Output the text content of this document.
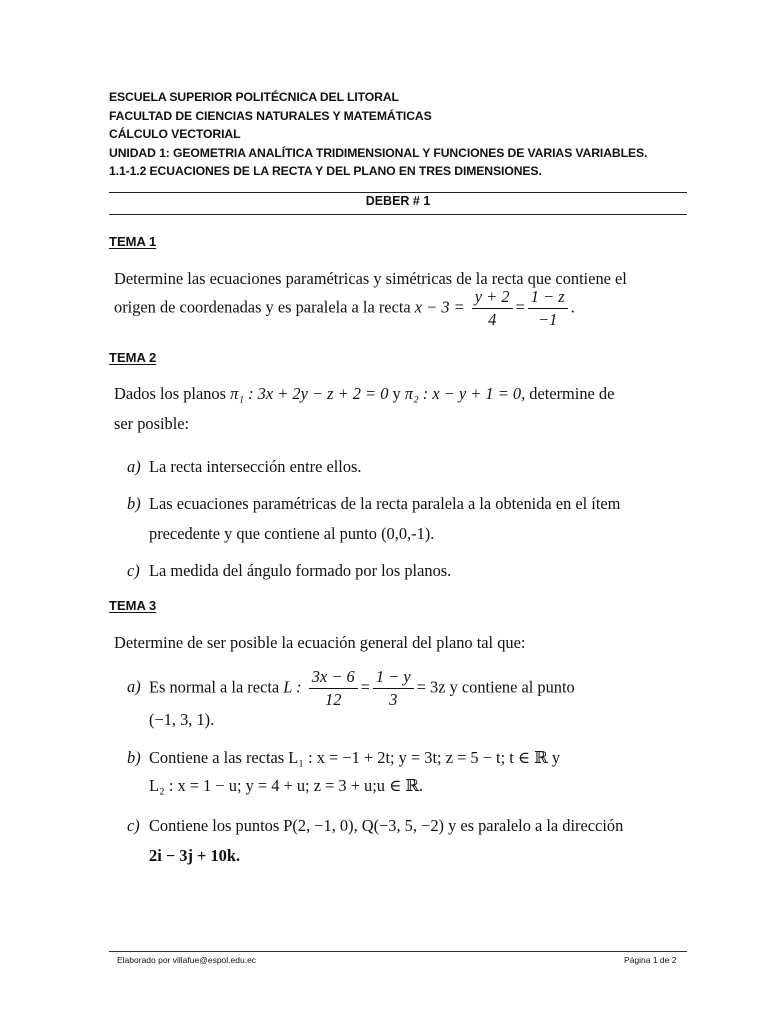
ESCUELA SUPERIOR POLITÉCNICA DEL LITORAL
FACULTAD DE CIENCIAS NATURALES Y MATEMÁTICAS
CÁLCULO VECTORIAL
UNIDAD 1: GEOMETRIA ANALÍTICA TRIDIMENSIONAL Y FUNCIONES DE VARIAS VARIABLES.
1.1-1.2 ECUACIONES DE LA RECTA Y DEL PLANO EN TRES DIMENSIONES.
DEBER # 1
TEMA 1
Determine las ecuaciones paramétricas y simétricas de la recta que contiene el
origen de coordenadas y es paralela a la recta $x - 3 = \frac{y + 2}{4} = \frac{1 - z}{-1}$ .
TEMA 2
Dados los planos π₁ : 3x + 2y − z + 2 = 0 y π₂ : x − y + 1 = 0, determine de
ser posible:
a) La recta intersección entre ellos.
b) Las ecuaciones paramétricas de la recta paralela a la obtenida en el ítem
precedente y que contiene al punto (0,0,-1).
c) La medida del ángulo formado por los planos.
TEMA 3
Determine de ser posible la ecuación general del plano tal que:
a) Es normal a la recta L : $\frac{3x - 6}{12} = \frac{1 - y}{3} = 3z$ y contiene al punto
(−1, 3, 1).
b) Contiene a las rectas L₁ : x = −1 + 2t; y = 3t; z = 5 − t; t ∈ ℝ y
L₂ : x = 1 − u; y = 4 + u; z = 3 + u;u ∈ ℝ.
c) Contiene los puntos P(2, −1, 0), Q(−3, 5, −2) y es paralelo a la dirección
2i − 3j + 10k.
Elaborado por villafue@espol.edu.ec	Página 1 de 2
